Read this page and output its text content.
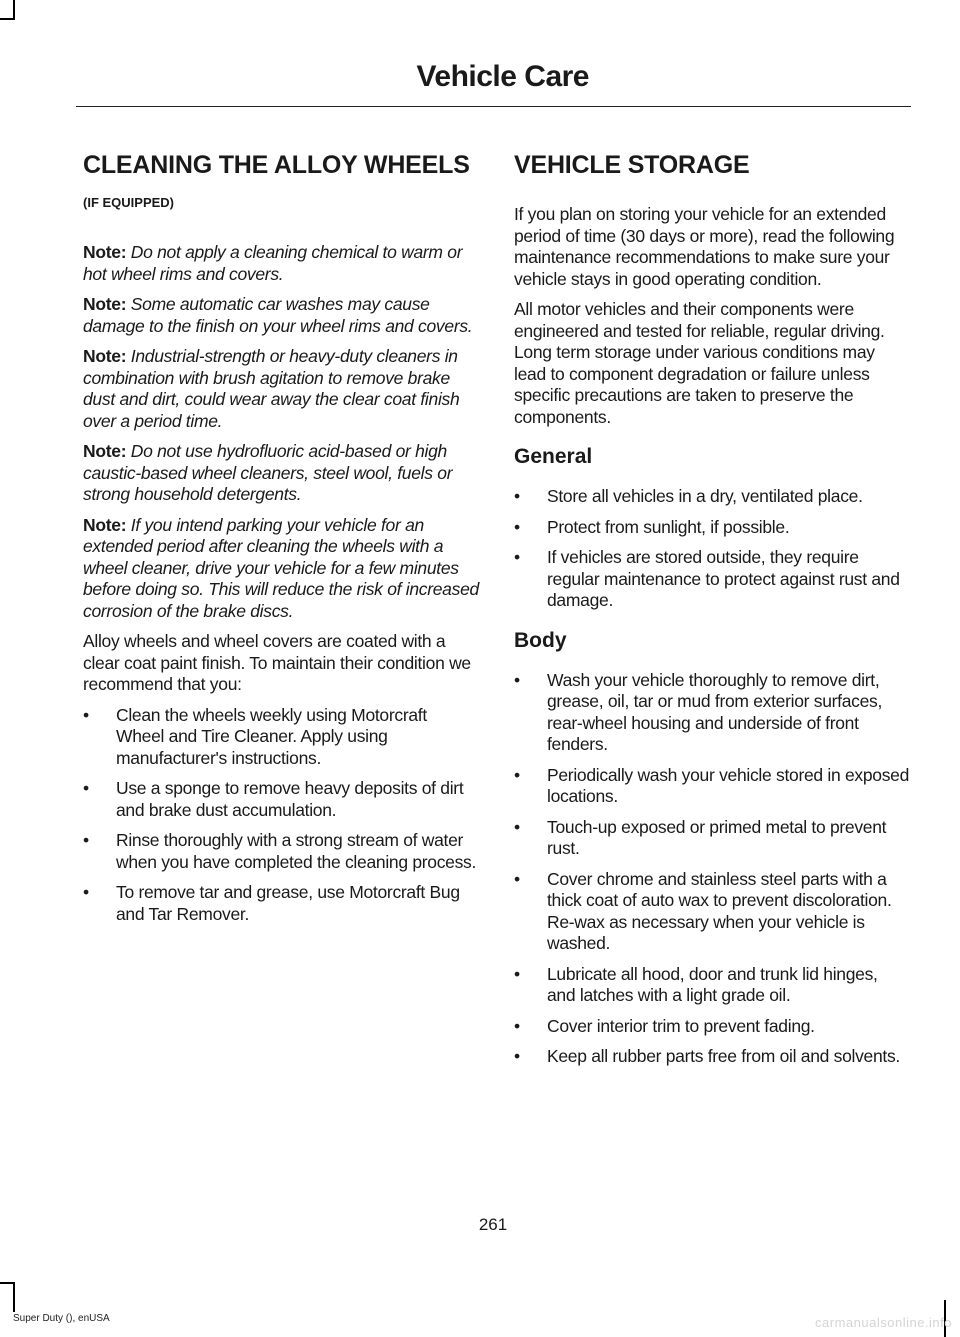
Vehicle Care
CLEANING THE ALLOY WHEELS (IF EQUIPPED)

Note: Do not apply a cleaning chemical to warm or hot wheel rims and covers.

Note: Some automatic car washes may cause damage to the finish on your wheel rims and covers.

Note: Industrial-strength or heavy-duty cleaners in combination with brush agitation to remove brake dust and dirt, could wear away the clear coat finish over a period time.

Note: Do not use hydrofluoric acid-based or high caustic-based wheel cleaners, steel wool, fuels or strong household detergents.

Note: If you intend parking your vehicle for an extended period after cleaning the wheels with a wheel cleaner, drive your vehicle for a few minutes before doing so. This will reduce the risk of increased corrosion of the brake discs.

Alloy wheels and wheel covers are coated with a clear coat paint finish. To maintain their condition we recommend that you:

• Clean the wheels weekly using Motorcraft Wheel and Tire Cleaner. Apply using manufacturer's instructions.
• Use a sponge to remove heavy deposits of dirt and brake dust accumulation.
• Rinse thoroughly with a strong stream of water when you have completed the cleaning process.
• To remove tar and grease, use Motorcraft Bug and Tar Remover.
VEHICLE STORAGE

If you plan on storing your vehicle for an extended period of time (30 days or more), read the following maintenance recommendations to make sure your vehicle stays in good operating condition.

All motor vehicles and their components were engineered and tested for reliable, regular driving. Long term storage under various conditions may lead to component degradation or failure unless specific precautions are taken to preserve the components.

General
• Store all vehicles in a dry, ventilated place.
• Protect from sunlight, if possible.
• If vehicles are stored outside, they require regular maintenance to protect against rust and damage.
Body
• Wash your vehicle thoroughly to remove dirt, grease, oil, tar or mud from exterior surfaces, rear-wheel housing and underside of front fenders.
• Periodically wash your vehicle stored in exposed locations.
• Touch-up exposed or primed metal to prevent rust.
• Cover chrome and stainless steel parts with a thick coat of auto wax to prevent discoloration. Re-wax as necessary when your vehicle is washed.
• Lubricate all hood, door and trunk lid hinges, and latches with a light grade oil.
• Cover interior trim to prevent fading.
• Keep all rubber parts free from oil and solvents.
261
Super Duty (), enUSA	carmanualsonline.info
